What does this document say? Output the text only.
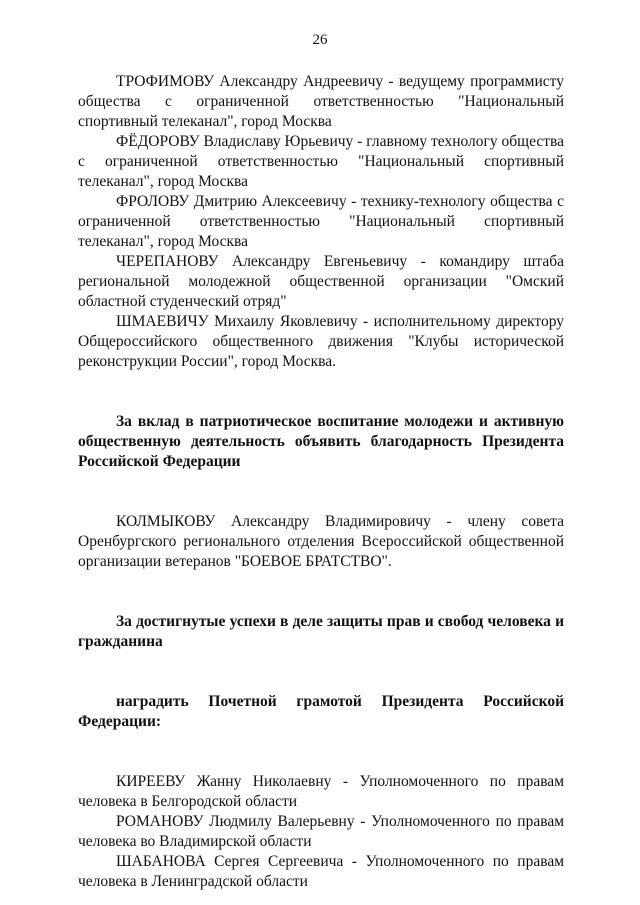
26

ТРОФИМОВУ Александру Андреевичу - ведущему программисту общества с ограниченной ответственностью "Национальный спортивный телеканал", город Москва

ФЁДОРОВУ Владиславу Юрьевичу - главному технологу общества с ограниченной ответственностью "Национальный спортивный телеканал", город Москва

ФРОЛОВУ Дмитрию Алексеевичу - технику-технологу общества с ограниченной ответственностью "Национальный спортивный телеканал", город Москва

ЧЕРЕПАНОВУ Александру Евгеньевичу - командиру штаба региональной молодежной общественной организации "Омский областной студенческий отряд"

ШМАЕВИЧУ Михаилу Яковлевичу - исполнительному директору Общероссийского общественного движения "Клубы исторической реконструкции России", город Москва.

За вклад в патриотическое воспитание молодежи и активную общественную деятельность объявить благодарность Президента Российской Федерации

КОЛМЫКОВУ Александру Владимировичу - члену совета Оренбургского регионального отделения Всероссийской общественной организации ветеранов "БОЕВОЕ БРАТСТВО".

За достигнутые успехи в деле защиты прав и свобод человека и гражданина

наградить Почетной грамотой Президента Российской Федерации:

КИРЕЕВУ Жанну Николаевну - Уполномоченного по правам человека в Белгородской области

РОМАНОВУ Людмилу Валерьевну - Уполномоченного по правам человека во Владимирской области

ШАБАНОВА Сергея Сергеевича - Уполномоченного по правам человека в Ленинградской области
